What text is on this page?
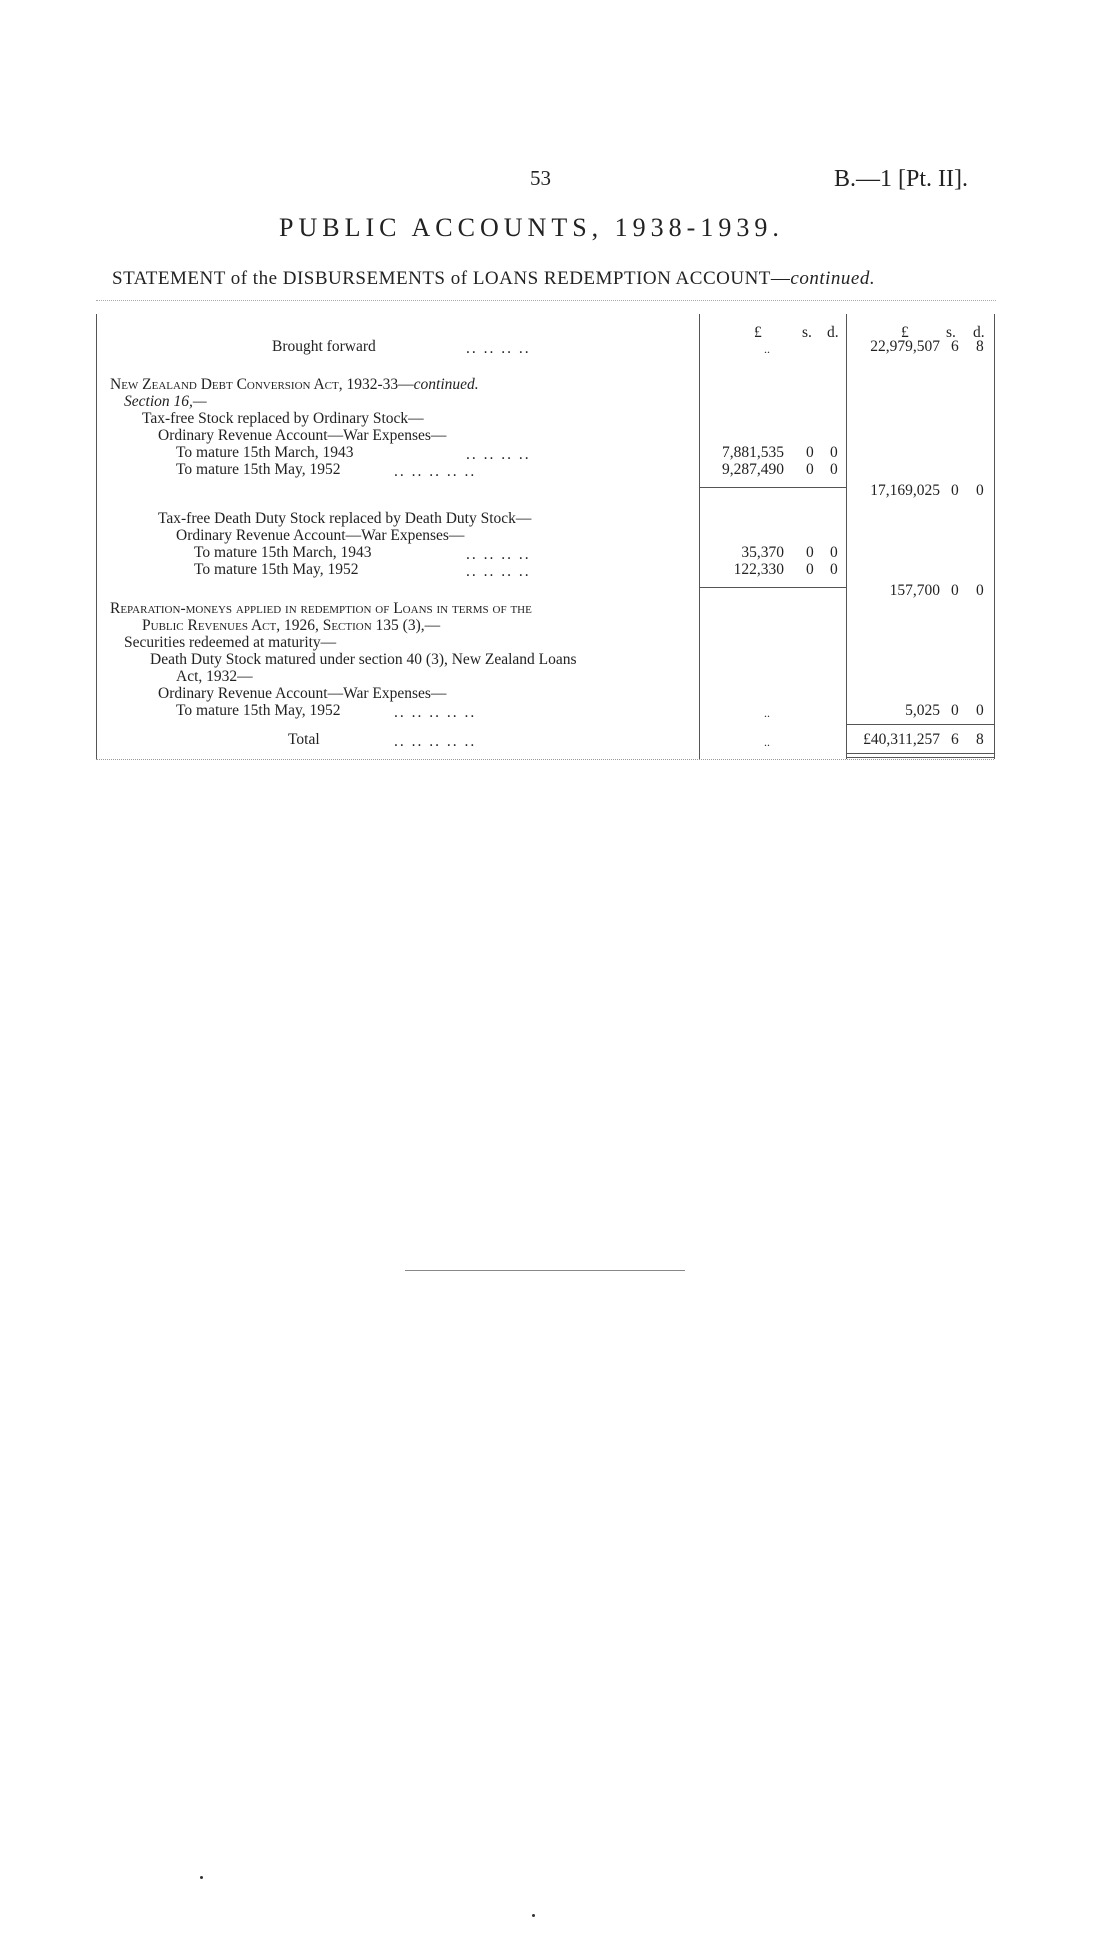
53	B.—1 [Pt. II].
PUBLIC ACCOUNTS, 1938-1939.
STATEMENT of the DISBURSEMENTS of LOANS REDEMPTION ACCOUNT—continued.
£	s. d.	£ s. d.
Brought forward	.. .. .. ..	..	22,979,507 6 8
New Zealand Debt Conversion Act, 1932-33—continued.
Section 16,—
Tax-free Stock replaced by Ordinary Stock—
Ordinary Revenue Account—War Expenses—
To mature 15th March, 1943	.. .. .. ..	7,881,535 0 0
To mature 15th May, 1952	.. .. .. .. ..	9,287,490 0 0
17,169,025 0 0
Tax-free Death Duty Stock replaced by Death Duty Stock—
Ordinary Revenue Account—War Expenses—
To mature 15th March, 1943	.. .. .. ..	35,370 0 0
To mature 15th May, 1952	.. .. .. ..	122,330 0 0
157,700 0 0
Reparation-moneys applied in redemption of Loans in terms of the
Public Revenues Act, 1926, Section 135 (3),—
Securities redeemed at maturity—
Death Duty Stock matured under section 40 (3), New Zealand Loans
Act, 1932—
Ordinary Revenue Account—War Expenses—
To mature 15th May, 1952	.. .. .. .. ..	..	5,025 0 0
Total	.. .. .. .. ..	..	£40,311,257 6 8
